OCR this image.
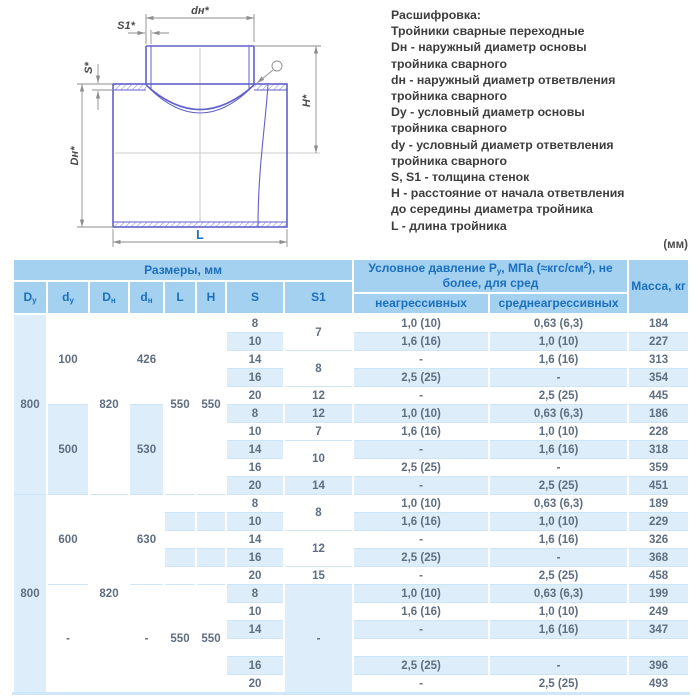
dн*
S1*
S*
Dн*
H*
L
Расшифровка:
Тройники сварные переходные
Dн - наружный диаметр основы
тройника сварного
dн - наружный диаметр ответвления
тройника сварного
Dу - условный диаметр основы
тройника сварного
dу - условный диаметр ответвления
тройника сварного
S, S1 - толщина стенок
H - расстояние от начала ответвления
до середины диаметра тройника
L - длина тройника
(мм)
Размеры, мм								Условное давление $P_у$, МПа $(\approx кгс/см^2)$, не более, для сред		Масса, кг
$D_у$	$d_у$	$D_н$	$d_н$	L	H	S	S1			
								неагрессивных	среднеагрессивных	
800	100	820	426	550	550	8	7	1,0 (10)	0,63 (6,3)	184
						10		1,6 (16)	1,0 (10)	227
						14	8	-	1,6 (16)	313
						16		2,5 (25)	-	354
						20	12	-	2,5 (25)	445
	500		530			8	12	1,0 (10)	0,63 (6,3)	186
						10	7	1,6 (16)	1,0 (10)	228
						14	10	-	1,6 (16)	318
						16		2,5 (25)	-	359
						20	14	-	2,5 (25)	451
800	600	820	630			8	8	1,0 (10)	0,63 (6,3)	189
						10		1,6 (16)	1,0 (10)	229
						14	12	-	1,6 (16)	326
						16		2,5 (25)	-	368
						20	15	-	2,5 (25)	458
	-		-	550	550	8	-	1,0 (10)	0,63 (6,3)	199
						10		1,6 (16)	1,0 (10)	249
						14		-	1,6 (16)	347

						16		2,5 (25)	-	396
						20		-	2,5 (25)	493
